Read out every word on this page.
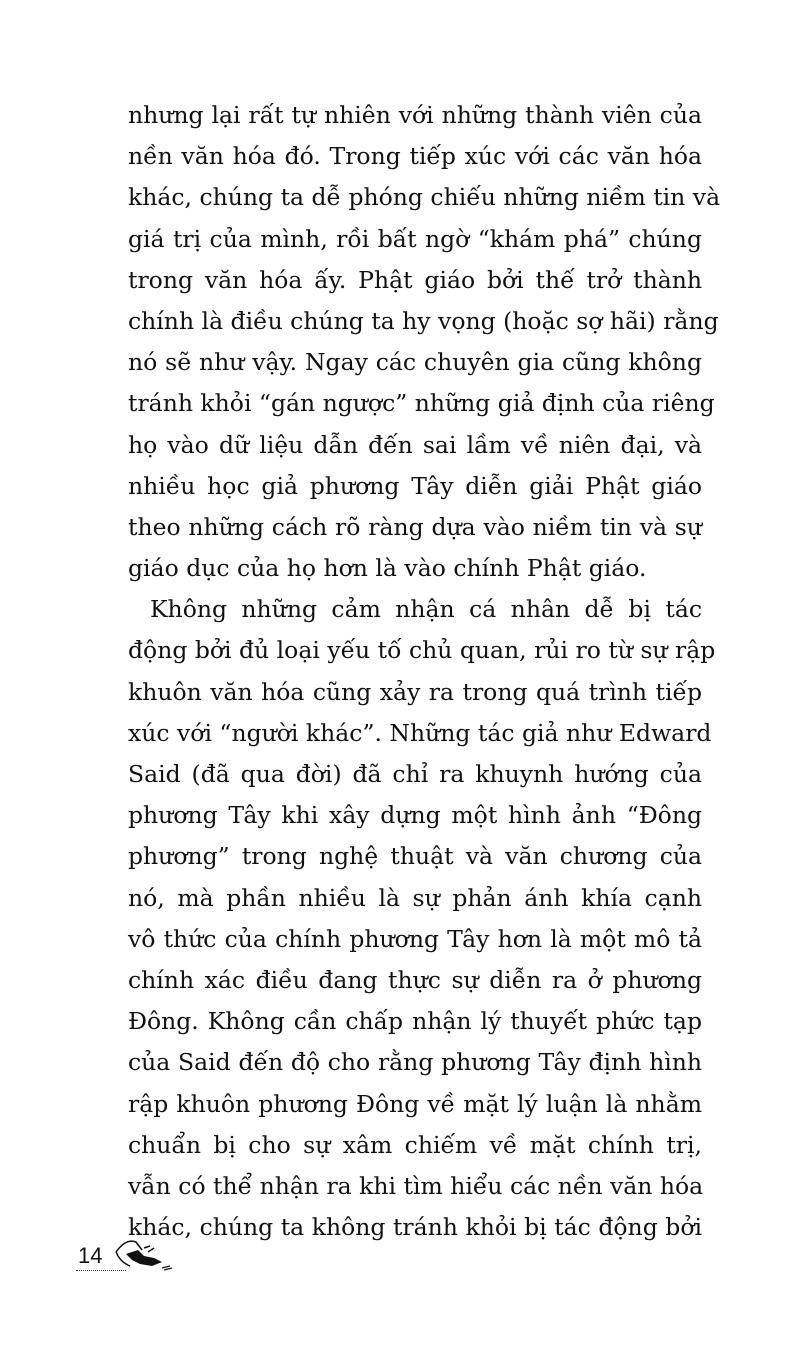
nhưng lại rất tự nhiên với những thành viên của
nền văn hóa đó. Trong tiếp xúc với các văn hóa
khác, chúng ta dễ phóng chiếu những niềm tin và
giá trị của mình, rồi bất ngờ “khám phá” chúng
trong văn hóa ấy. Phật giáo bởi thế trở thành
chính là điều chúng ta hy vọng (hoặc sợ hãi) rằng
nó sẽ như vậy. Ngay các chuyên gia cũng không
tránh khỏi “gán ngược” những giả định của riêng
họ vào dữ liệu dẫn đến sai lầm về niên đại, và
nhiều học giả phương Tây diễn giải Phật giáo
theo những cách rõ ràng dựa vào niềm tin và sự
giáo dục của họ hơn là vào chính Phật giáo.
Không những cảm nhận cá nhân dễ bị tác
động bởi đủ loại yếu tố chủ quan, rủi ro từ sự rập
khuôn văn hóa cũng xảy ra trong quá trình tiếp
xúc với “người khác”. Những tác giả như Edward
Said (đã qua đời) đã chỉ ra khuynh hướng của
phương Tây khi xây dựng một hình ảnh “Đông
phương” trong nghệ thuật và văn chương của
nó, mà phần nhiều là sự phản ánh khía cạnh
vô thức của chính phương Tây hơn là một mô tả
chính xác điều đang thực sự diễn ra ở phương
Đông. Không cần chấp nhận lý thuyết phức tạp
của Said đến độ cho rằng phương Tây định hình
rập khuôn phương Đông về mặt lý luận là nhằm
chuẩn bị cho sự xâm chiếm về mặt chính trị,
vẫn có thể nhận ra khi tìm hiểu các nền văn hóa
khác, chúng ta không tránh khỏi bị tác động bởi
14
